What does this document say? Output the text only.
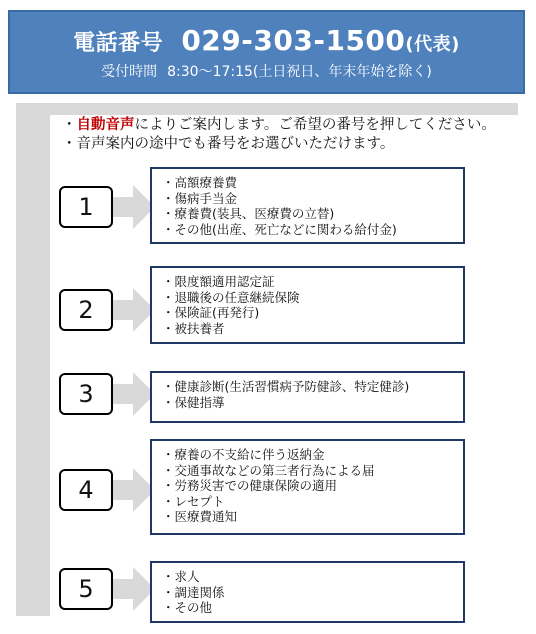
電話番号 029-303-1500(代表)
受付時間 8:30〜17:15(土日祝日、年末年始を除く)
・自動音声によりご案内します。ご希望の番号を押してください。
・音声案内の途中でも番号をお選びいただけます。
1
・高額療養費
・傷病手当金
・療養費(装具、医療費の立替)
・その他(出産、死亡などに関わる給付金)
2
・限度額適用認定証
・退職後の任意継続保険
・保険証(再発行)
・被扶養者
3	・健康診断(生活習慣病予防健診、特定健診)
・保健指導
4
・療養の不支給に伴う返納金
・交通事故などの第三者行為による届
・労務災害での健康保険の適用
・レセプト
・医療費通知
5	・求人
・調達関係
・その他
